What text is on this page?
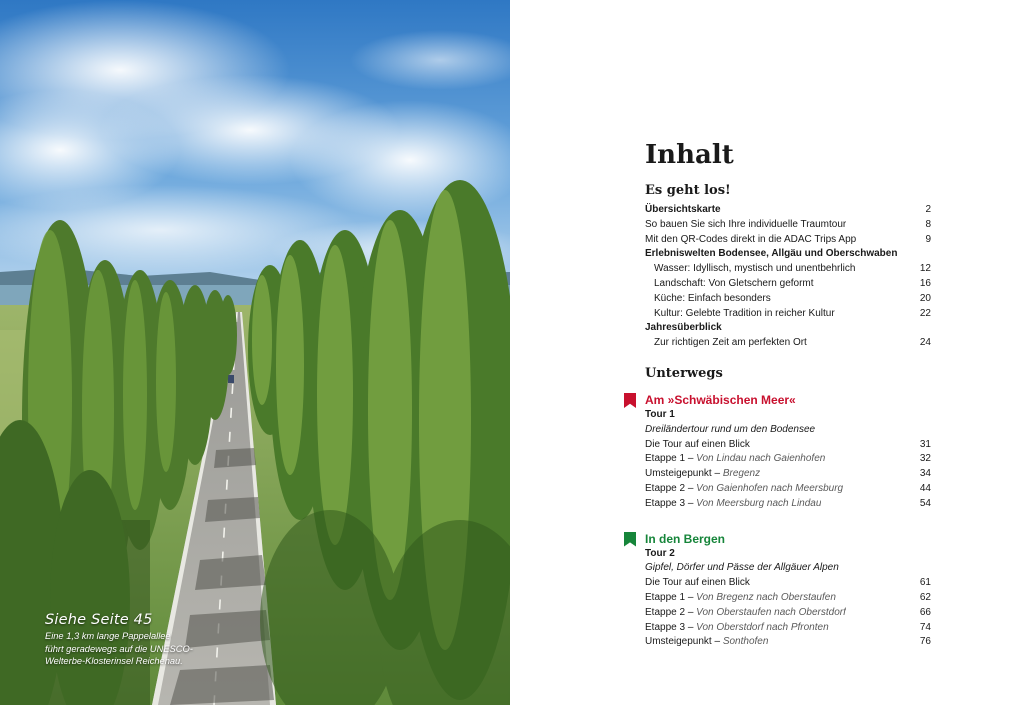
Siehe Seite 45
Eine 1,3 km lange Pappelallee
führt geradewegs auf die UNESCO-
Welterbe-Klosterinsel Reichenau.
Inhalt
Es geht los!
Übersichtskarte	2
So bauen Sie sich Ihre individuelle Traumtour	8
Mit den QR-Codes direkt in die ADAC Trips App	9
Erlebniswelten Bodensee, Allgäu und Oberschwaben
Wasser: Idyllisch, mystisch und unentbehrlich	12
Landschaft: Von Gletschern geformt	16
Küche: Einfach besonders	20
Kultur: Gelebte Tradition in reicher Kultur	22
Jahresüberblick
Zur richtigen Zeit am perfekten Ort	24
Unterwegs
Am »Schwäbischen Meer«
Tour 1
Dreiländertour rund um den Bodensee
Die Tour auf einen Blick	31
Etappe 1 – Von Lindau nach Gaienhofen	32
Umsteigepunkt – Bregenz	34
Etappe 2 – Von Gaienhofen nach Meersburg	44
Etappe 3 – Von Meersburg nach Lindau	54
In den Bergen
Tour 2
Gipfel, Dörfer und Pässe der Allgäuer Alpen
Die Tour auf einen Blick	61
Etappe 1 – Von Bregenz nach Oberstaufen	62
Etappe 2 – Von Oberstaufen nach Oberstdorf	66
Etappe 3 – Von Oberstdorf nach Pfronten	74
Umsteigepunkt – Sonthofen	76
